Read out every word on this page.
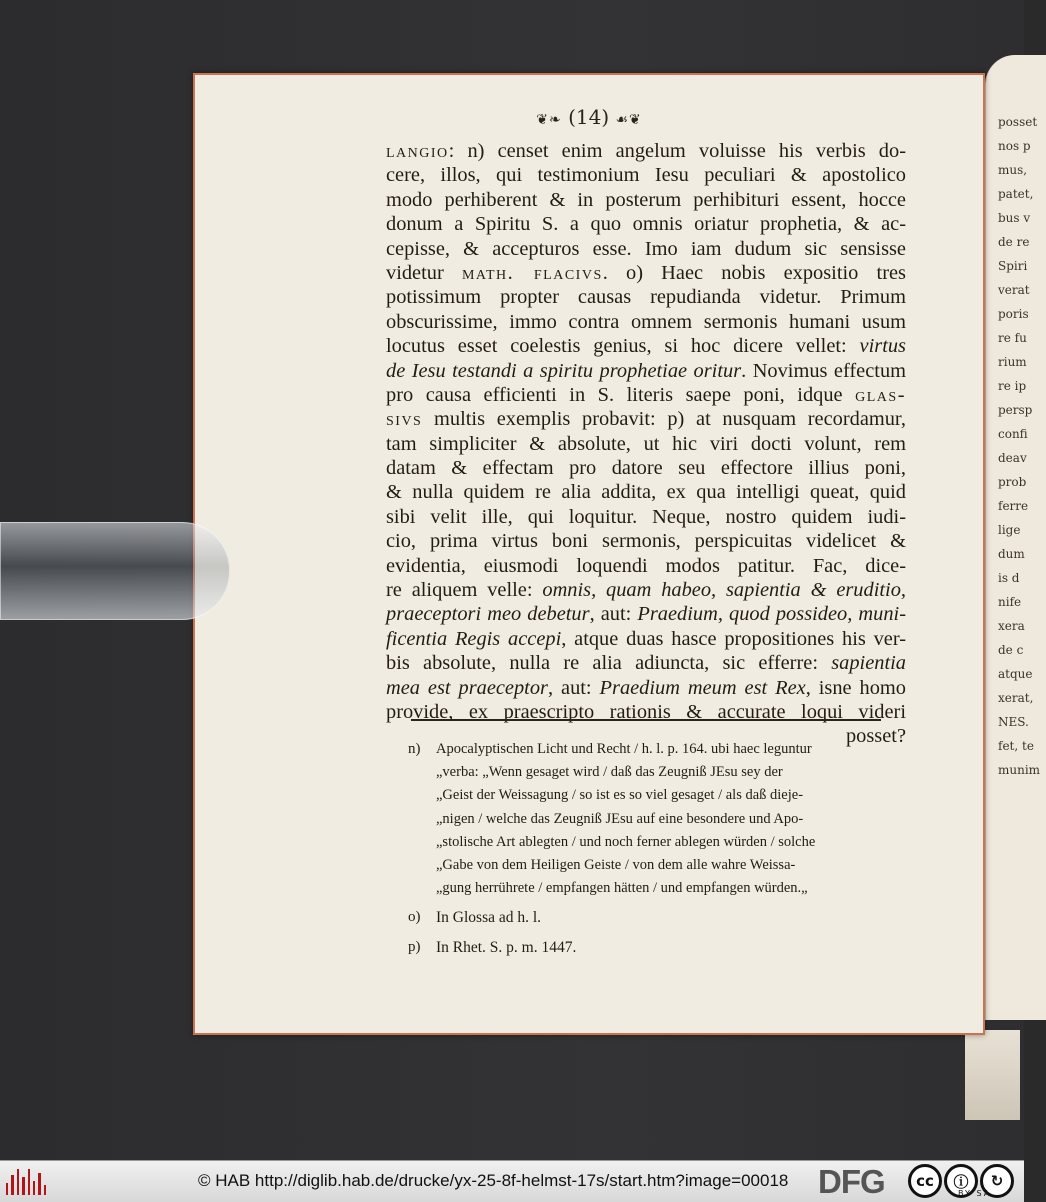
posset
nos p
mus,
patet,
bus v
de re
Spiri
verat
poris
re fu
rium
re ip
persp
confi
deav
prob
ferre
lige
dum
is d
nife
xera
de c
atque
xerat,
NES.
fet, te
munim
❦❧ (14) ☙❦
langio: n) censet enim angelum voluisse his verbis do-
cere, illos, qui testimonium Iesu peculiari & apostolico
modo perhiberent & in posterum perhibituri essent, hocce
donum a Spiritu S. a quo omnis oriatur prophetia, & ac-
cepisse, & accepturos esse. Imo iam dudum sic sensisse
videtur math. flacivs. o) Haec nobis expositio tres
potissimum propter causas repudianda videtur. Primum
obscurissime, immo contra omnem sermonis humani usum
locutus esset coelestis genius, si hoc dicere vellet: virtus
de Iesu testandi a spiritu prophetiae oritur. Novimus effectum
pro causa efficienti in S. literis saepe poni, idque glas-
sivs multis exemplis probavit: p) at nusquam recordamur,
tam simpliciter & absolute, ut hic viri docti volunt, rem
datam & effectam pro datore seu effectore illius poni,
& nulla quidem re alia addita, ex qua intelligi queat, quid
sibi velit ille, qui loquitur. Neque, nostro quidem iudi-
cio, prima virtus boni sermonis, perspicuitas videlicet &
evidentia, eiusmodi loquendi modos patitur. Fac, dice-
re aliquem velle: omnis, quam habeo, sapientia & eruditio,
praeceptori meo debetur, aut: Praedium, quod possideo, muni-
ficentia Regis accepi, atque duas hasce propositiones his ver-
bis absolute, nulla re alia adiuncta, sic efferre: sapientia
mea est praeceptor, aut: Praedium meum est Rex, isne homo
provide, ex praescripto rationis & accurate loqui videri
posset?
n)	Apocalyptischen Licht und Recht / h. l. p. 164. ubi haec leguntur
„verba: „Wenn gesaget wird / daß das Zeugniß JEsu sey der
„Geist der Weissagung / so ist es so viel gesaget / als daß dieje-
„nigen / welche das Zeugniß JEsu auf eine besondere und Apo-
„stolische Art ablegten / und noch ferner ablegen würden / solche
„Gabe von dem Heiligen Geiste / von dem alle wahre Weissa-
„gung herrührete / empfangen hätten / und empfangen würden.„
o)	In Glossa ad h. l.
p)	In Rhet. S. p. m. 1447.
© HAB http://diglib.hab.de/drucke/yx-25-8f-helmst-17s/start.htm?image=00018 DFG	cc	ⓘ	↻
BY SA
